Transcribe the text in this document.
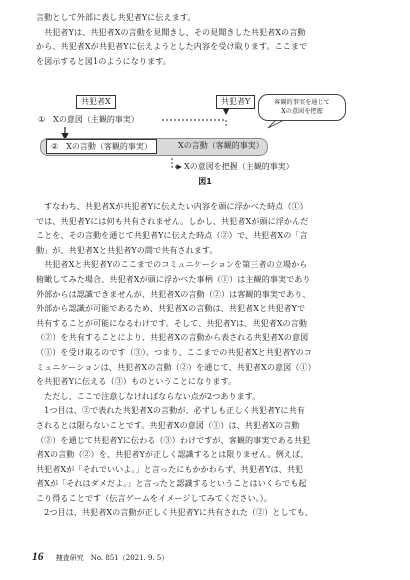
言動として外部に表し共犯者Yに伝えます。
　共犯者Yは、共犯者Xの言動を見聞きし、その見聞きした共犯者Xの言動
から、共犯者Xが共犯者Yに伝えようとした内容を受け取ります。ここまで
を図示すると図1のようになります。
共犯者X	共犯者Y	客観的事実を通じて
Xの意図を把握
①　Xの意図（主観的事実）
②　Xの言動（客観的事実）	Xの言動（客観的事実）
Xの意図を把握（主観的事実）
図1
　すなわち、共犯者Xが共犯者Yに伝えたい内容を頭に浮かべた時点（①）
では、共犯者Yには何も共有されません。しかし、共犯者Xが頭に浮かんだ
ことを、その言動を通じて共犯者Yに伝えた時点（②）で、共犯者Xの「言
動」が、共犯者Xと共犯者Yの間で共有されます。
　共犯者Xと共犯者Yのここまでのコミュニケーションを第三者の立場から
俯瞰してみた場合、共犯者Xが頭に浮かべた事柄（①）は主観的事実であり
外部からは認識できませんが、共犯者Xの言動（②）は客観的事実であり、
外部から認識が可能であるため、共犯者Xの言動は、共犯者Xと共犯者Yで
共有することが可能になるわけです。そして、共犯者Yは、共犯者Xの言動
（②）を共有することにより、共犯者Xの言動から表される共犯者Xの意図
（①）を受け取るのです（③）。つまり、ここまでの共犯者Xと共犯者Yのコ
ミュニケーションは、共犯者Xの言動（②）を通じて、共犯者Xの意図（①）
を共犯者Yに伝える（③）ものということになります。
　ただし、ここで注意しなければならない点が2つあります。
　1つ目は、②で表れた共犯者Xの言動が、必ずしも正しく共犯者Yに共有
されるとは限らないことです。共犯者Xの意図（①）は、共犯者Xの言動
（②）を通じて共犯者Yに伝わる（③）わけですが、客観的事実である共犯
者Xの言動（②）を、共犯者Yが正しく認識するとは限りません。例えば、
共犯者Xが「それでいいよ。」と言ったにもかかわらず、共犯者Yは、共犯
者Xが「それはダメだよ。」と言ったと認識するということはいくらでも起
こり得ることです（伝言ゲームをイメージしてみてください。）。
　2つ目は、共犯者Xの言動が正しく共犯者Yに共有された（②）としても、
16 捜査研究　No. 851（2021. 9. 5）
